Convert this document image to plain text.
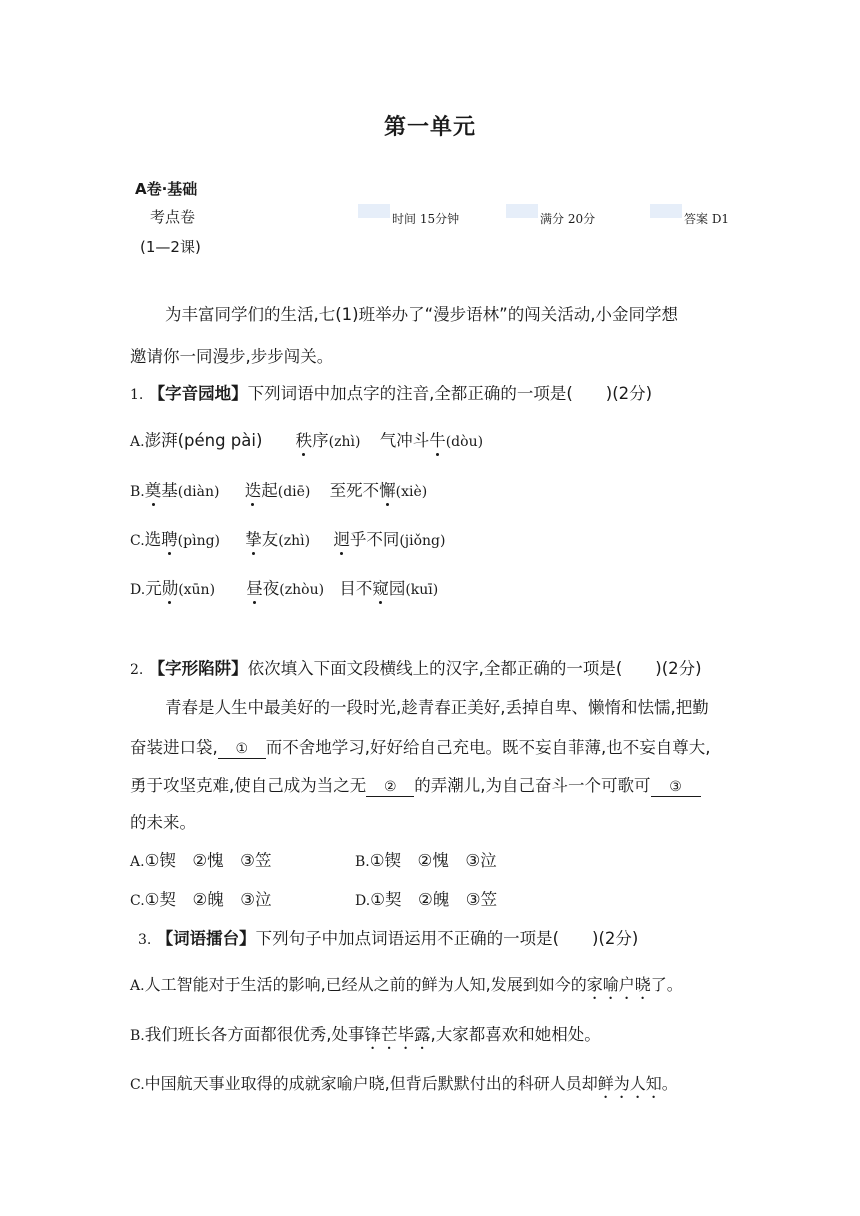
第一单元
A卷·基础
考点卷
(1—2课)
时间 15分钟	满分 20分	答案 D1
为丰富同学们的生活,七(1)班举办了“漫步语林”的闯关活动,小金同学想
邀请你一同漫步,步步闯关。
1. 【字音园地】下列词语中加点字的注音,全都正确的一项是(　　)(2分)
A.澎湃(péng pài) 秩序(zhì) 气冲斗牛(dòu)
B.奠基(diàn) 迭起(diē) 至死不懈(xiè)
C.选聘(pìng) 挚友(zhì) 迥乎不同(jiǒng)
D.元勋(xūn) 昼夜(zhòu) 目不窥园(kuī)
2. 【字形陷阱】依次填入下面文段横线上的汉字,全都正确的一项是(　　)(2分)
青春是人生中最美好的一段时光,趁青春正美好,丢掉自卑、懒惰和怯懦,把勤
奋装进口袋, ① 而不舍地学习,好好给自己充电。既不妄自菲薄,也不妄自尊大,
勇于攻坚克难,使自己成为当之无 ② 的弄潮儿,为自己奋斗一个可歌可 ③
的未来。
A.①锲　②愧　③笠	B.①锲　②愧　③泣
C.①契　②魄　③泣	D.①契　②魄　③笠
3. 【词语擂台】下列句子中加点词语运用不正确的一项是(　　)(2分)
A.人工智能对于生活的影响,已经从之前的鲜为人知,发展到如今的家喻户晓了。
B.我们班长各方面都很优秀,处事锋芒毕露,大家都喜欢和她相处。
C.中国航天事业取得的成就家喻户晓,但背后默默付出的科研人员却鲜为人知。
